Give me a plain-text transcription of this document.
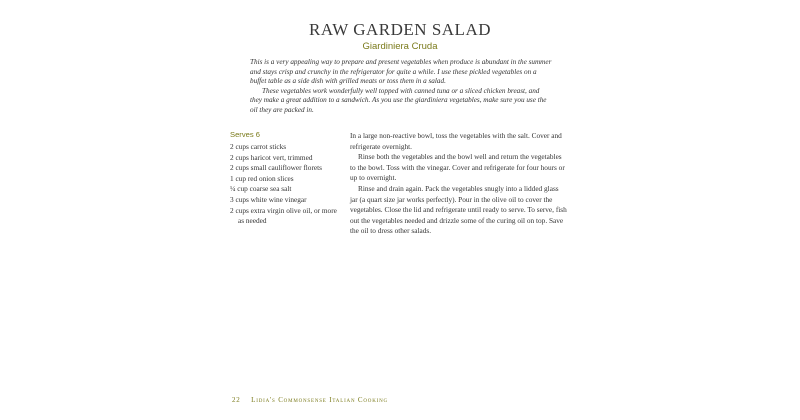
RAW GARDEN SALAD
Giardiniera Cruda

This is a very appealing way to prepare and present vegetables when produce is abundant in the summer and stays crisp and crunchy in the refrigerator for quite a while. I use these pickled vegetables on a buffet table as a side dish with grilled meats or toss them in a salad.

These vegetables work wonderfully well topped with canned tuna or a sliced chicken breast, and they make a great addition to a sandwich. As you use the giardiniera vegetables, make sure you use the oil they are packed in.

Serves 6
2 cups carrot sticks
2 cups haricot vert, trimmed
2 cups small cauliflower florets
1 cup red onion slices
¼ cup coarse sea salt
3 cups white wine vinegar
2 cups extra virgin olive oil, or more as needed

In a large non-reactive bowl, toss the vegetables with the salt. Cover and refrigerate overnight.

Rinse both the vegetables and the bowl well and return the vegetables to the bowl. Toss with the vinegar. Cover and refrigerate for four hours or up to overnight.

Rinse and drain again. Pack the vegetables snugly into a lidded glass jar (a quart size jar works perfectly). Pour in the olive oil to cover the vegetables. Close the lid and refrigerate until ready to serve. To serve, fish out the vegetables needed and drizzle some of the curing oil on top. Save the oil to dress other salads.

22 Lidia's Commonsense Italian Cooking
